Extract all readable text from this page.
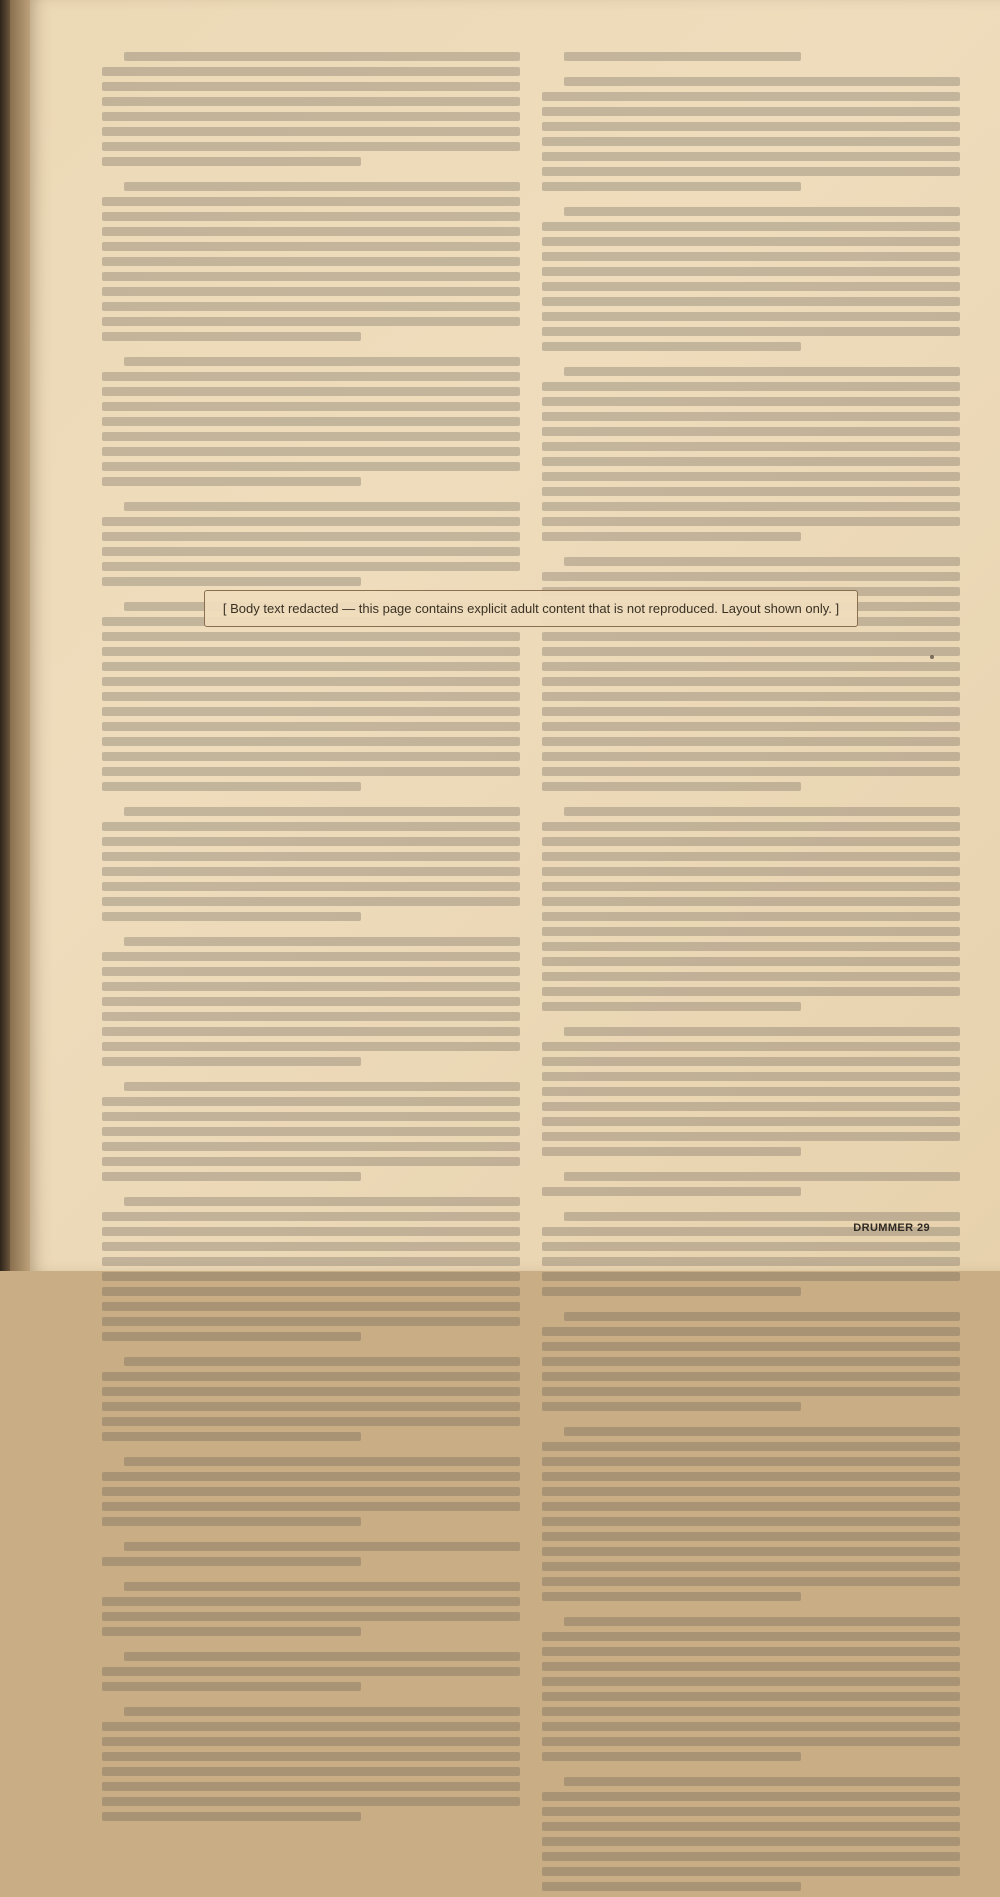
[ Body text redacted — this page contains explicit adult content that is not reproduced. Layout shown only. ]
DRUMMER 29
